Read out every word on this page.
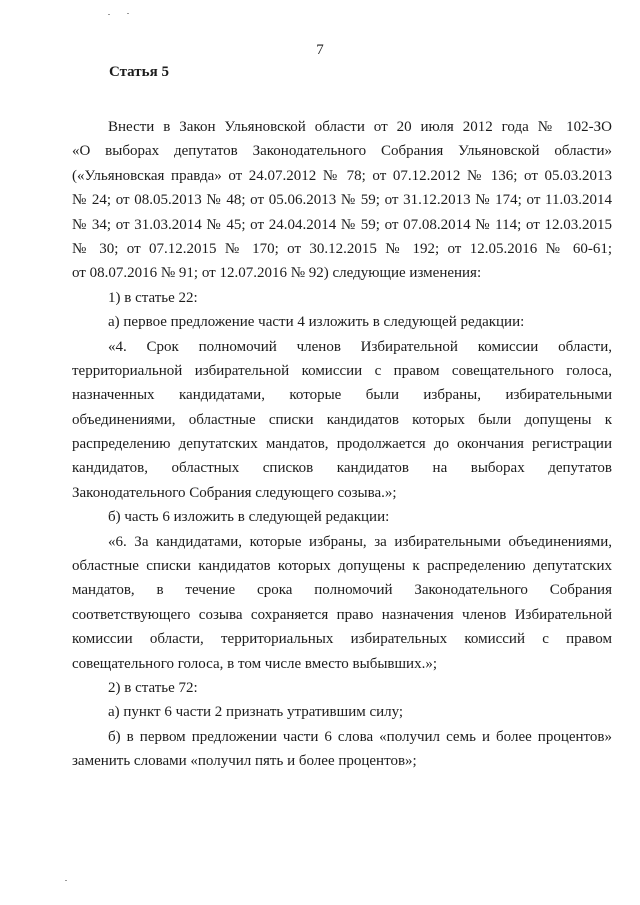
7
Статья 5
Внести в Закон Ульяновской области от 20 июля 2012 года № 102-ЗО
«О выборах депутатов Законодательного Собрания Ульяновской области»
(«Ульяновская правда» от 24.07.2012 № 78; от 07.12.2012 № 136; от 05.03.2013
№ 24; от 08.05.2013 № 48; от 05.06.2013 № 59; от 31.12.2013 № 174; от 11.03.2014
№ 34; от 31.03.2014 № 45; от 24.04.2014 № 59; от 07.08.2014 № 114; от 12.03.2015
№ 30; от 07.12.2015 № 170; от 30.12.2015 № 192; от 12.05.2016 № 60-61;
от 08.07.2016 № 91; от 12.07.2016 № 92) следующие изменения:
1) в статье 22:
а) первое предложение части 4 изложить в следующей редакции:
«4. Срок полномочий членов Избирательной комиссии области,
территориальной избирательной комиссии с правом совещательного голоса,
назначенных кандидатами, которые были избраны, избирательными
объединениями, областные списки кандидатов которых были допущены к
распределению депутатских мандатов, продолжается до окончания регистрации
кандидатов, областных списков кандидатов на выборах депутатов
Законодательного Собрания следующего созыва.»;
б) часть 6 изложить в следующей редакции:
«6. За кандидатами, которые избраны, за избирательными объединениями,
областные списки кандидатов которых допущены к распределению депутатских
мандатов, в течение срока полномочий Законодательного Собрания
соответствующего созыва сохраняется право назначения членов Избирательной
комиссии области, территориальных избирательных комиссий с правом
совещательного голоса, в том числе вместо выбывших.»;
2) в статье 72:
а) пункт 6 части 2 признать утратившим силу;
б) в первом предложении части 6 слова «получил семь и более процентов»
заменить словами «получил пять и более процентов»;
